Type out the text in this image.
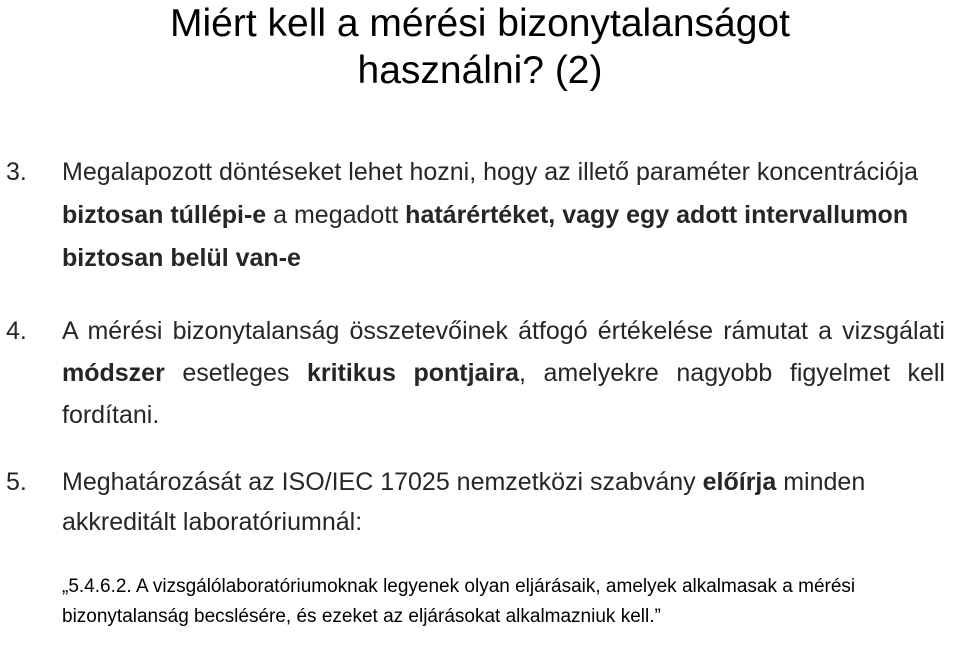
Miért kell a mérési bizonytalanságot
használni? (2)
3. Megalapozott döntéseket lehet hozni, hogy az illető paraméter koncentrációja biztosan túllépi-e a megadott határértéket, vagy egy adott intervallumon biztosan belül van-e
4. A mérési bizonytalanság összetevőinek átfogó értékelése rámutat a vizsgálati módszer esetleges kritikus pontjaira, amelyekre nagyobb figyelmet kell fordítani.
5. Meghatározását az ISO/IEC 17025 nemzetközi szabvány előírja minden akkreditált laboratóriumnál:
„5.4.6.2. A vizsgálólaboratóriumoknak legyenek olyan eljárásaik, amelyek alkalmasak a mérési bizonytalanság becslésére, és ezeket az eljárásokat alkalmazniuk kell.”
